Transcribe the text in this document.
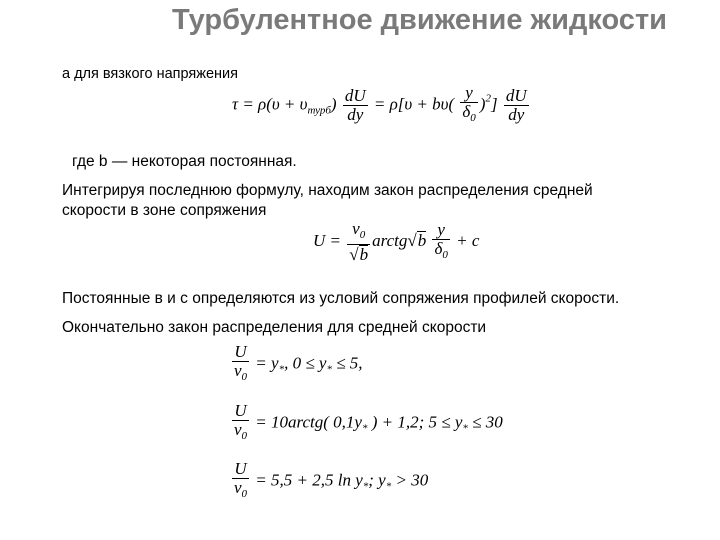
Турбулентное движение жидкости
а для вязкого напряжения
$\tau = \rho(\upsilon + \upsilon_{турб}) \frac{dU}{dy} = \rho[\upsilon + b\upsilon( \frac{y}{\delta_0} )^2] \frac{dU}{dy}$
где b — некоторая постоянная.
Интегрируя последнюю формулу, находим закон распределения средней
скорости в зоне сопряжения
$U = \frac{v_0}{√b}$ arctg√b $\frac{y}{\delta_0} + c$
Постоянные в и с определяются из условий сопряжения профилей скорости.
Окончательно закон распределения для средней скорости
$\frac{U}{v_0} = y_*$, $0 \le y_* \le 5$,
$\frac{U}{v_0}$ = 10arctg( $0,1y_*$ ) + 1,2; $5 \le y_* \le 30$
$\frac{U}{v_0} = 5,5 + 2,5$ $\ln y_*$; $y_* > 30$
